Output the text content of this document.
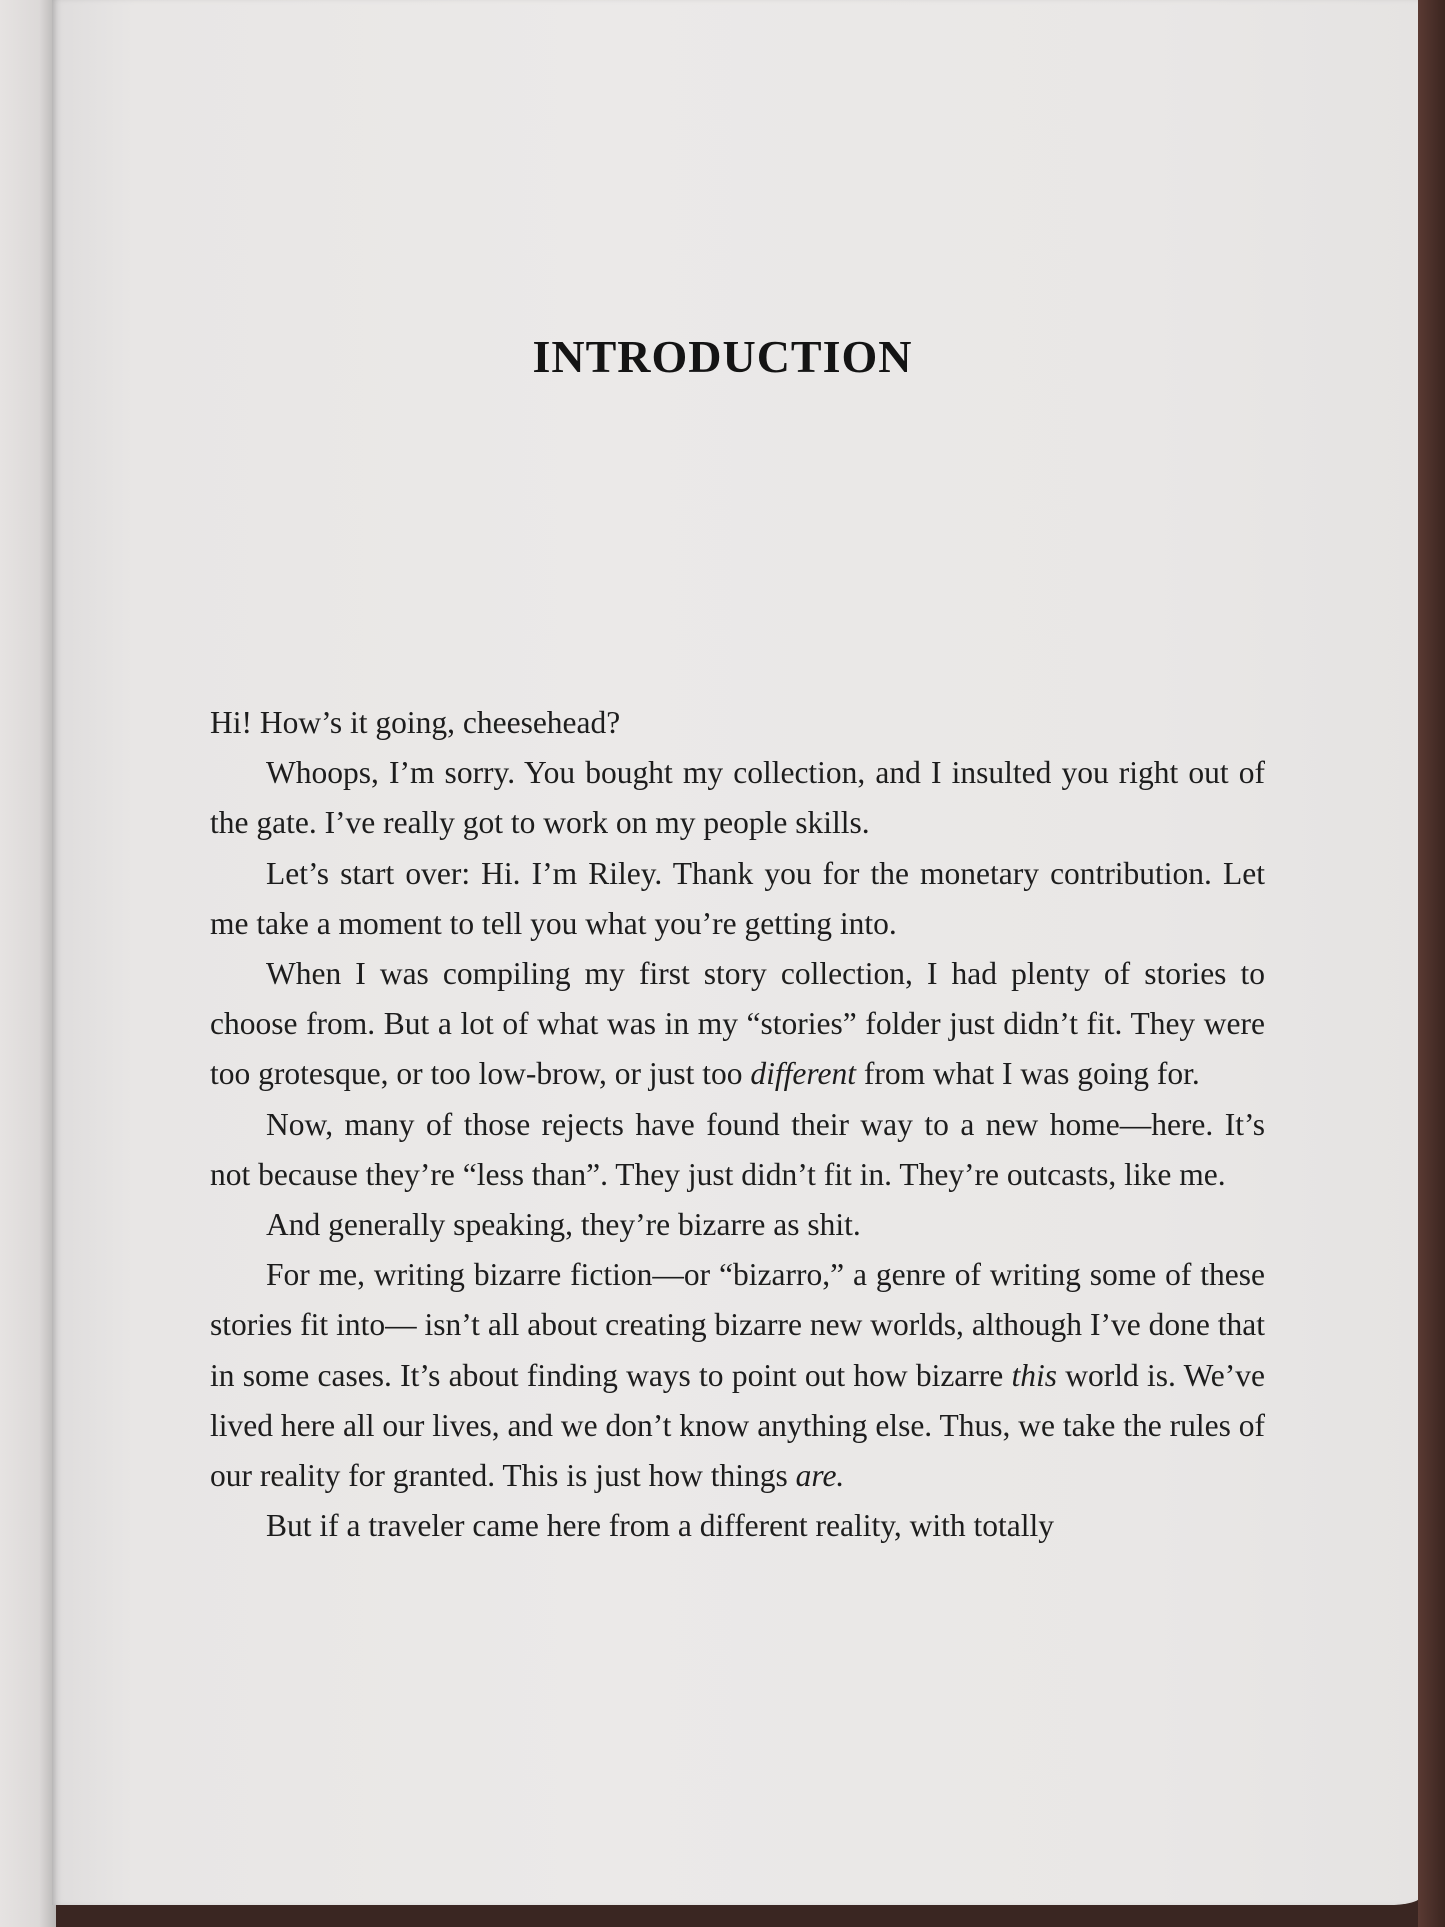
INTRODUCTION

Hi! How’s it going, cheesehead?

Whoops, I’m sorry. You bought my collection, and I insulted you right out of the gate. I’ve really got to work on my people skills.

Let’s start over: Hi. I’m Riley. Thank you for the monetary contribution. Let me take a moment to tell you what you’re getting into.

When I was compiling my first story collection, I had plenty of stories to choose from. But a lot of what was in my “stories” folder just didn’t fit. They were too grotesque, or too low-brow, or just too different from what I was going for.

Now, many of those rejects have found their way to a new home—here. It’s not because they’re “less than”. They just didn’t fit in. They’re outcasts, like me.

And generally speaking, they’re bizarre as shit.

For me, writing bizarre fiction—or “bizarro,” a genre of writing some of these stories fit into— isn’t all about creating bizarre new worlds, although I’ve done that in some cases. It’s about finding ways to point out how bizarre this world is. We’ve lived here all our lives, and we don’t know anything else. Thus, we take the rules of our reality for granted. This is just how things are.

But if a traveler came here from a different reality, with totally
